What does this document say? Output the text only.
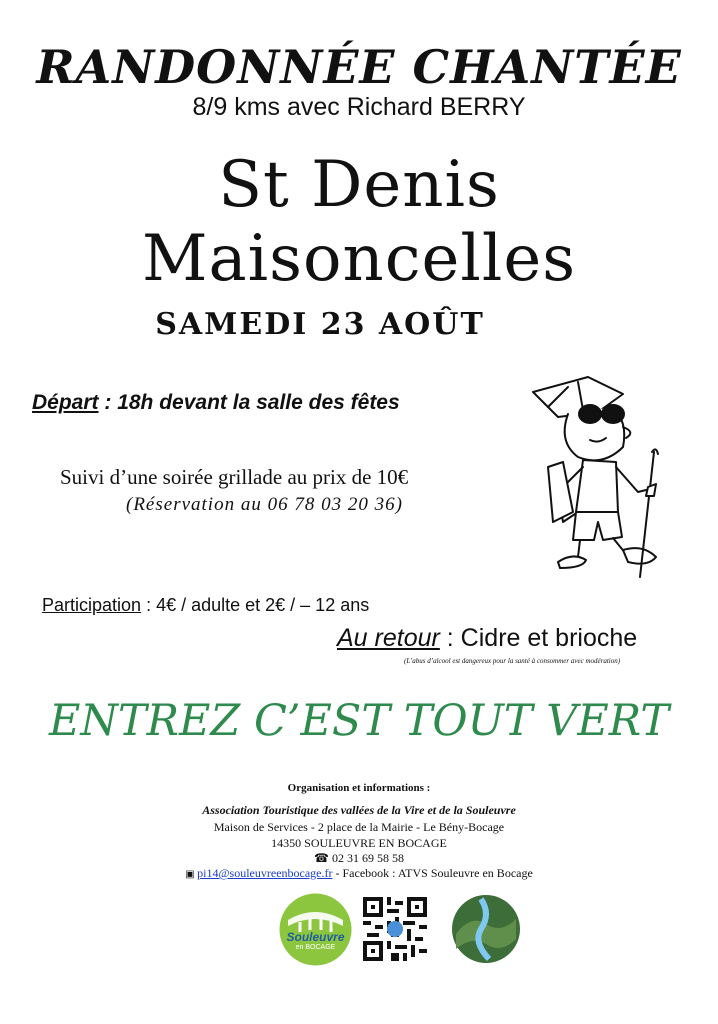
RANDONNÉE CHANTÉE
8/9 kms avec Richard BERRY
St Denis Maisoncelles
SAMEDI 23 AOÛT
Départ : 18h devant la salle des fêtes
Suivi d’une soirée grillade au prix de 10€
(Réservation au 06 78 03 20 36)
Participation : 4€ / adulte et 2€ / – 12 ans
Au retour : Cidre et brioche
(L’abus d’alcool est dangereux pour la santé à consommer avec modération)
ENTREZ C’EST TOUT VERT
Organisation et informations :
Association Touristique des vallées de la Vire et de la Souleuvre
Maison de Services - 2 place de la Mairie - Le Bény-Bocage
14350 SOULEUVRE EN BOCAGE
☎ 02 31 69 58 58
▣ pi14@souleuvreenbocage.fr - Facebook : ATVS Souleuvre en Bocage
Souleuvre
en BOCAGE
